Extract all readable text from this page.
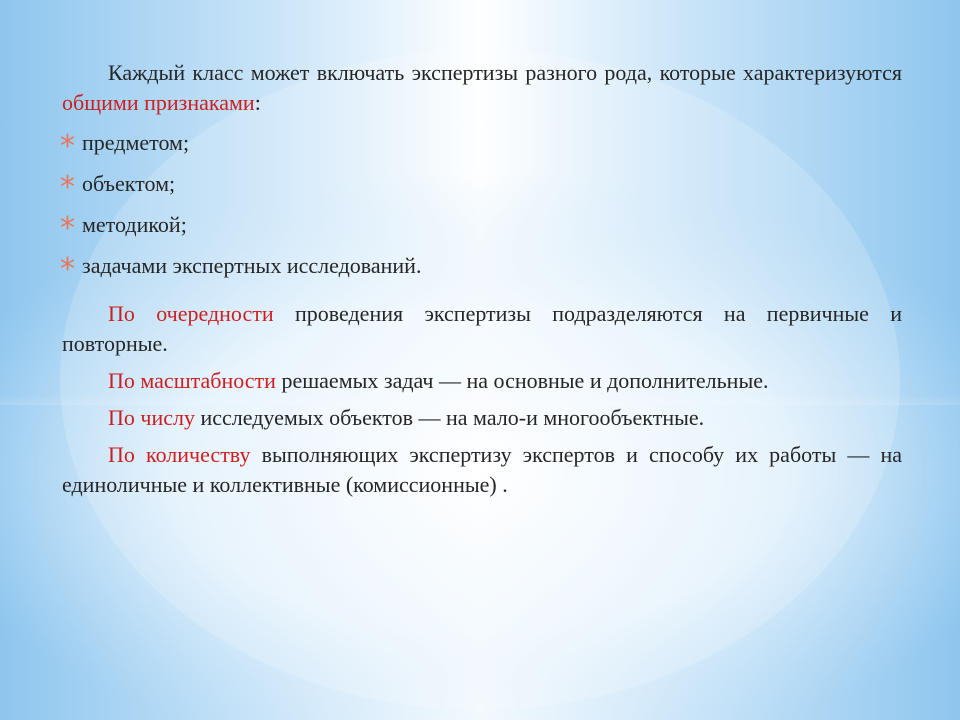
Каждый класс может включать экспертизы разного рода, которые характеризуются общими признаками:

* предметом;
* объектом;
* методикой;
* задачами экспертных исследований.

По очередности проведения экспертизы подразделяются на первичные и повторные.

По масштабности решаемых задач — на основные и дополнительные.

По числу исследуемых объектов — на мало-и многообъектные.

По количеству выполняющих экспертизу экспертов и способу их работы — на единоличные и коллективные (комиссионные) .
